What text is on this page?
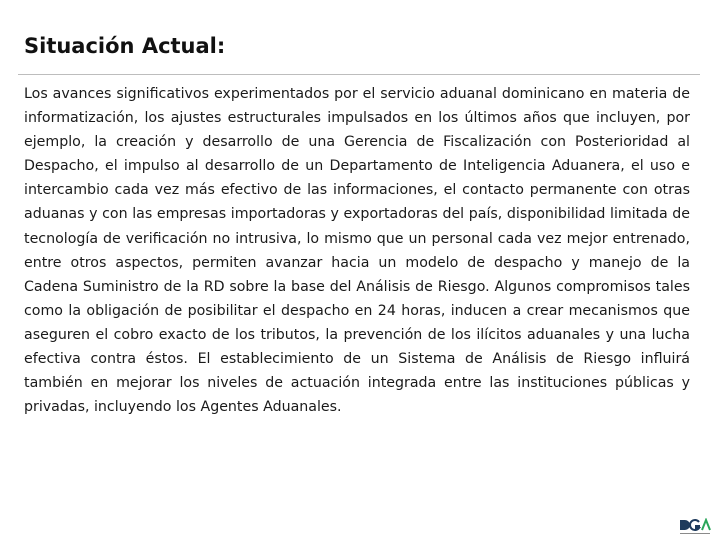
Situación Actual:

Los avances significativos experimentados por el servicio aduanal dominicano en materia de informatización, los ajustes estructurales impulsados en los últimos años que incluyen, por ejemplo, la creación y desarrollo de una Gerencia de Fiscalización con Posterioridad al Despacho, el impulso al desarrollo de un Departamento de Inteligencia Aduanera, el uso e intercambio cada vez más efectivo de las informaciones, el contacto permanente con otras aduanas y con las empresas importadoras y exportadoras del país, disponibilidad limitada de tecnología de verificación no intrusiva, lo mismo que un personal cada vez mejor entrenado, entre otros aspectos, permiten avanzar hacia un modelo de despacho y manejo de la Cadena Suministro de la RD sobre la base del Análisis de Riesgo. Algunos compromisos tales como la obligación de posibilitar el despacho en 24 horas, inducen a crear mecanismos que aseguren el cobro exacto de los tributos, la prevención de los ilícitos aduanales y una lucha efectiva contra éstos. El establecimiento de un Sistema de Análisis de Riesgo influirá también en mejorar los niveles de actuación integrada entre las instituciones públicas y privadas, incluyendo los Agentes Aduanales.
